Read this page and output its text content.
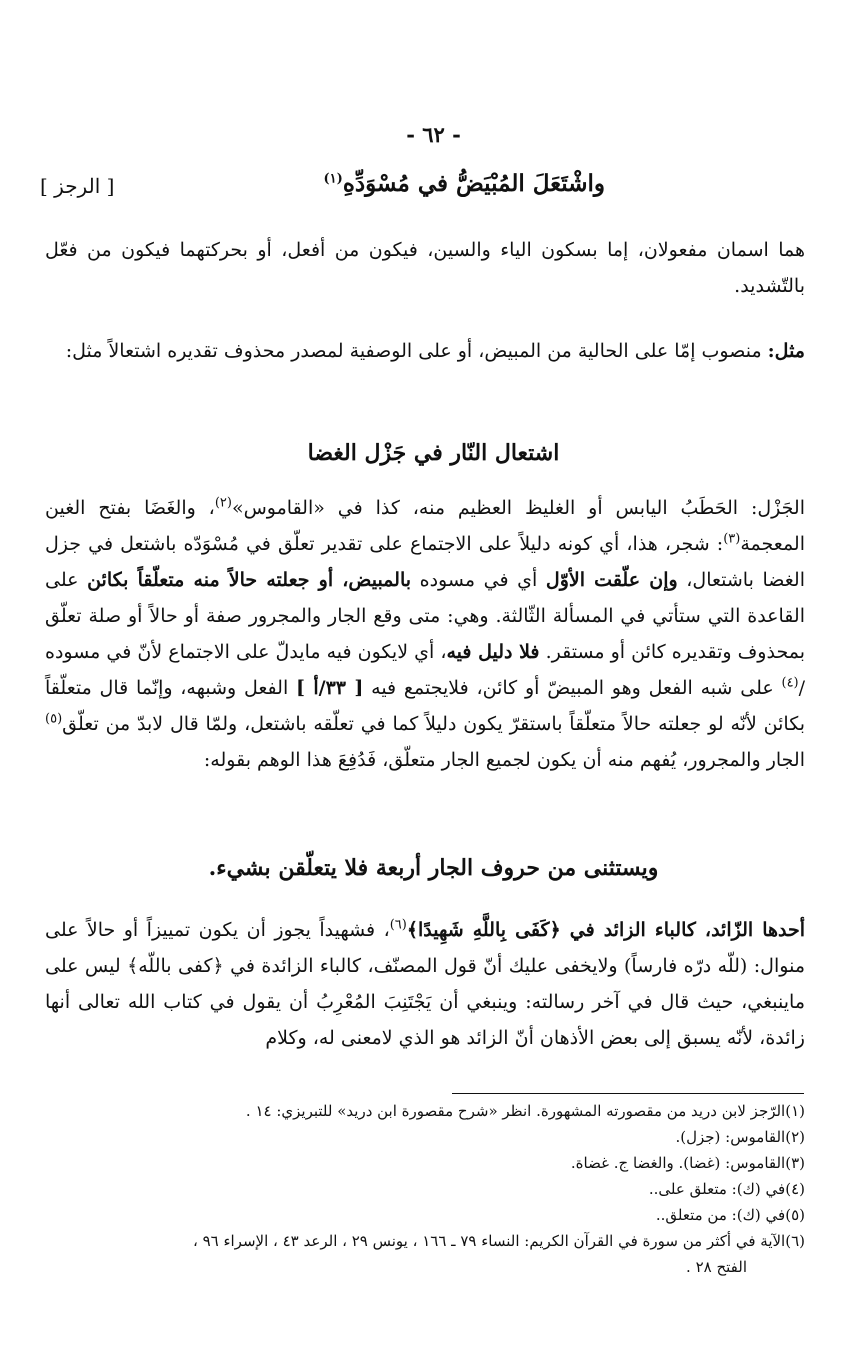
- ٦٢ -
واشْتَعَلَ المُبْيَضُّ في مُسْوَدِّهِ$^{(١)}$
[ الرجز ]
هما اسمان مفعولان، إما بسكون الياء والسين، فيكون من أفعل، أو بحركتهما فيكون من فعّل بالتّشديد.
مثل: منصوب إمّا على الحالية من المبيض، أو على الوصفية لمصدر محذوف تقديره اشتعالاً مثل:
اشتعال النّار في جَزْل الغضا
الجَزْل: الحَطَبُ اليابس أو الغليظ العظيم منه، كذا في «القاموس»$^{(٢)}$، والغَضَا بفتح الغين المعجمة$^{(٣)}$: شجر، هذا، أي كونه دليلاً على الاجتماع على تقدير تعلّق في مُسْوَدّه باشتعل في جزل الغضا باشتعال، وإن علّقت الأوّل أي في مسوده بالمبيض، أو جعلته حالاً منه متعلّقاً بكائن على القاعدة التي ستأتي في المسألة الثّالثة. وهي: متى وقع الجار والمجرور صفة أو حالاً أو صلة تعلّق بمحذوف وتقديره كائن أو مستقر. فلا دليل فيه، أي لايكون فيه مايدلّ على الاجتماع لأنّ في مسوده /$^{(٤)}$ على شبه الفعل وهو المبيضّ أو كائن، فلايجتمع فيه [ ٣٣/أ ] الفعل وشبهه، وإنّما قال متعلّقاً بكائن لأنّه لو جعلته حالاً متعلّقاً باستقرّ يكون دليلاً كما في تعلّقه باشتعل، ولمّا قال لابدّ من تعلّق$^{(٥)}$ الجار والمجرور، يُفهم منه أن يكون لجميع الجار متعلّق، فَدُفِعَ هذا الوهم بقوله:
ويستثنى من حروف الجار أربعة فلا يتعلّقن بشيء.
أحدها الزّائد، كالباء الزائد في ﴿كَفَى بِاللَّهِ شَهِيدًا﴾$^{(٦)}$، فشهيداً يجوز أن يكون تمييزاً أو حالاً على منوال: (للّه درّه فارساً) ولايخفى عليك أنّ قول المصنّف، كالباء الزائدة في ﴿كفى باللّه﴾ ليس على ماينبغي، حيث قال في آخر رسالته: وينبغي أن يَجْتَنِبَ المُعْرِبُ أن يقول في كتاب الله تعالى أنها زائدة، لأنّه يسبق إلى بعض الأذهان أنّ الزائد هو الذي لامعنى له، وكلام
(١)الرّجز لابن دريد من مقصورته المشهورة. انظر «شرح مقصورة ابن دريد» للتبريزي: ١٤ .
(٢)القاموس: (جزل).
(٣)القاموس: (غضا). والغضا ج. غضاة.
(٤)في (ك): متعلق على..
(٥)في (ك): من متعلق..
(٦)الآية في أكثر من سورة في القرآن الكريم: النساء ٧٩ ـ ١٦٦ ، يونس ٢٩ ، الرعد ٤٣ ، الإسراء ٩٦ ،
الفتح ٢٨ .
